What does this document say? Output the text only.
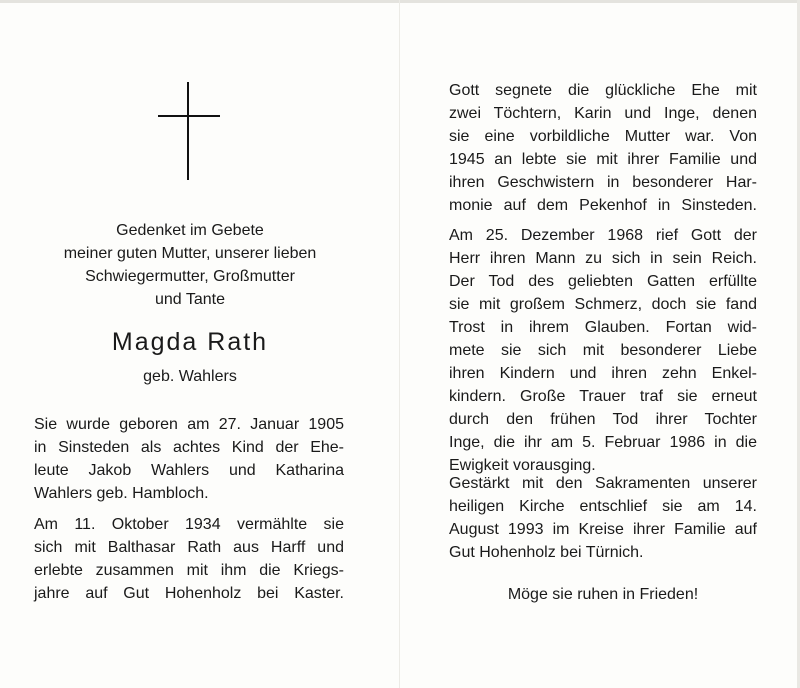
Gedenket im Gebete
meiner guten Mutter, unserer lieben
Schwiegermutter, Großmutter
und Tante
Magda Rath
geb. Wahlers
Sie wurde geboren am 27. Januar 1905
in Sinsteden als achtes Kind der Ehe-
leute Jakob Wahlers und Katharina
Wahlers geb. Hambloch.
Am 11. Oktober 1934 vermählte sie
sich mit Balthasar Rath aus Harff und
erlebte zusammen mit ihm die Kriegs-
jahre auf Gut Hohenholz bei Kaster.
Gott segnete die glückliche Ehe mit
zwei Töchtern, Karin und Inge, denen
sie eine vorbildliche Mutter war. Von
1945 an lebte sie mit ihrer Familie und
ihren Geschwistern in besonderer Har-
monie auf dem Pekenhof in Sinsteden.
Am 25. Dezember 1968 rief Gott der
Herr ihren Mann zu sich in sein Reich.
Der Tod des geliebten Gatten erfüllte
sie mit großem Schmerz, doch sie fand
Trost in ihrem Glauben. Fortan wid-
mete sie sich mit besonderer Liebe
ihren Kindern und ihren zehn Enkel-
kindern. Große Trauer traf sie erneut
durch den frühen Tod ihrer Tochter
Inge, die ihr am 5. Februar 1986 in die
Ewigkeit vorausging.
Gestärkt mit den Sakramenten unserer
heiligen Kirche entschlief sie am 14.
August 1993 im Kreise ihrer Familie auf
Gut Hohenholz bei Türnich.
Möge sie ruhen in Frieden!
